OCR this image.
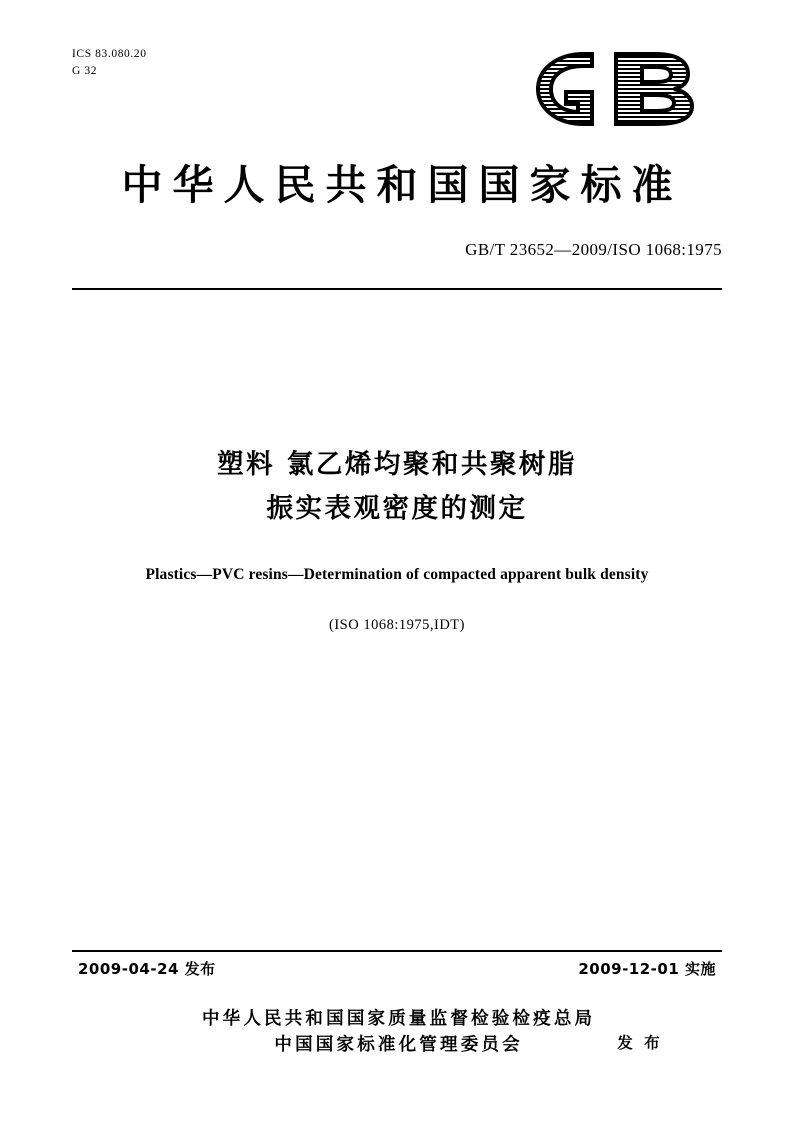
ICS 83.080.20
G 32
中华人民共和国国家标准
GB/T 23652—2009/ISO 1068:1975
塑料 氯乙烯均聚和共聚树脂
振实表观密度的测定
Plastics—PVC resins—Determination of compacted apparent bulk density
(ISO 1068:1975,IDT)
2009-04-24 发布	2009-12-01 实施
中华人民共和国国家质量监督检验检疫总局
中国国家标准化管理委员会	发 布
